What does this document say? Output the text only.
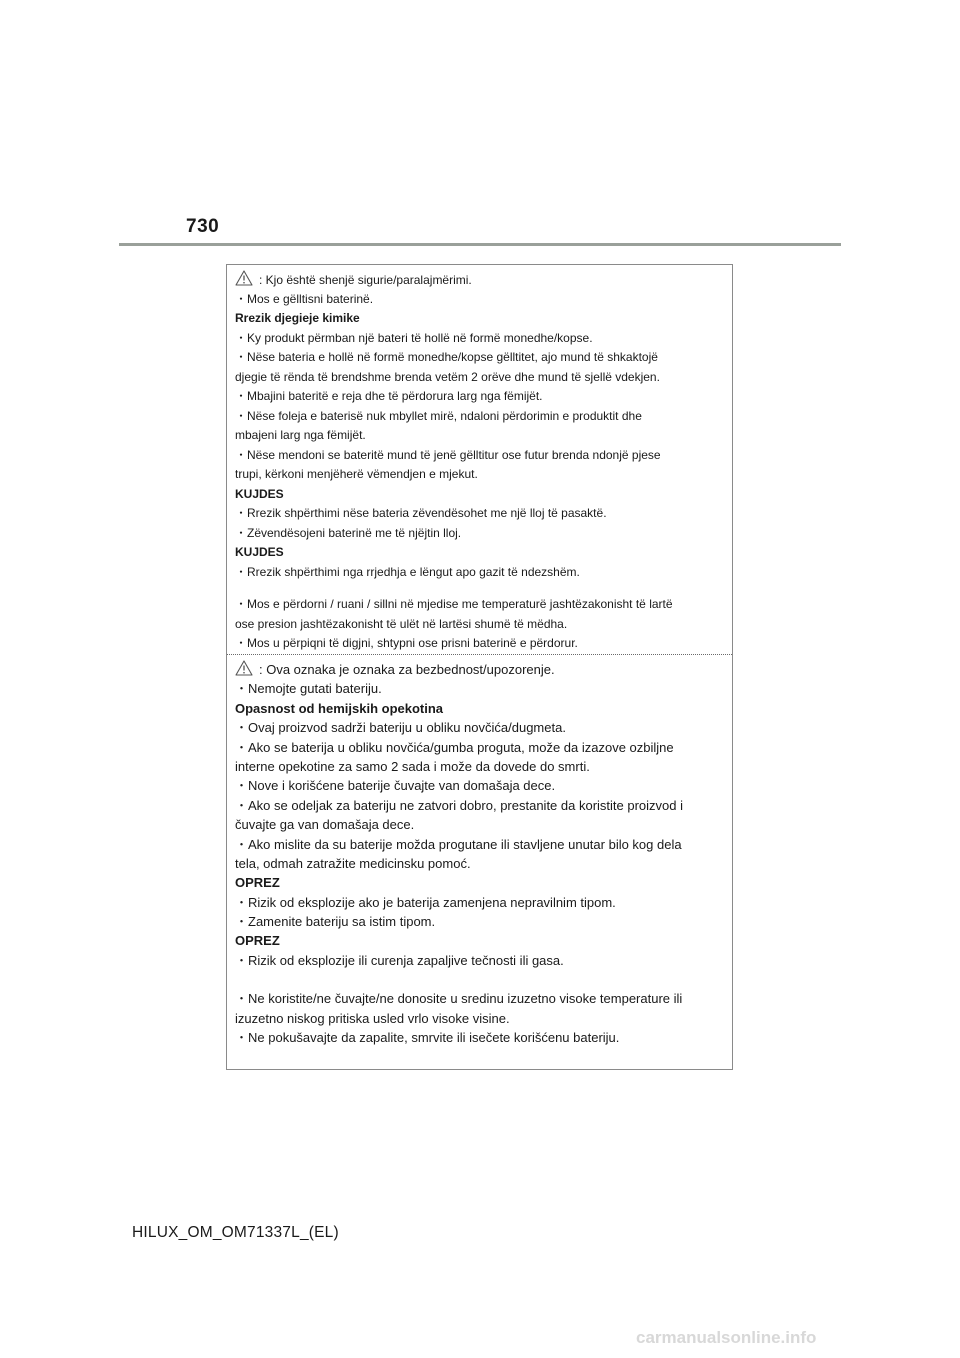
730
: Kjo është shenjë sigurie/paralajmërimi.
・Mos e gëlltisni baterinë.
Rrezik djegieje kimike
・Ky produkt përmban një bateri të hollë në formë monedhe/kopse.
・Nëse bateria e hollë në formë monedhe/kopse gëlltitet, ajo mund të shkaktojë
djegie të rënda të brendshme brenda vetëm 2 orëve dhe mund të sjellë vdekjen.
・Mbajini bateritë e reja dhe të përdorura larg nga fëmijët.
・Nëse foleja e baterisë nuk mbyllet mirë, ndaloni përdorimin e produktit dhe
mbajeni larg nga fëmijët.
・Nëse mendoni se bateritë mund të jenë gëlltitur ose futur brenda ndonjë pjese
trupi, kërkoni menjëherë vëmendjen e mjekut.
KUJDES
・Rrezik shpërthimi nëse bateria zëvendësohet me një lloj të pasaktë.
・Zëvendësojeni baterinë me të njëjtin lloj.
KUJDES
・Rrezik shpërthimi nga rrjedhja e lëngut apo gazit të ndezshëm.
・Mos e përdorni / ruani / sillni në mjedise me temperaturë jashtëzakonisht të lartë
ose presion jashtëzakonisht të ulët në lartësi shumë të mëdha.
・Mos u përpiqni të digjni, shtypni ose prisni baterinë e përdorur.
: Ova oznaka je oznaka za bezbednost/upozorenje.
・Nemojte gutati bateriju.
Opasnost od hemijskih opekotina
・Ovaj proizvod sadrži bateriju u obliku novčića/dugmeta.
・Ako se baterija u obliku novčića/gumba proguta, može da izazove ozbiljne
interne opekotine za samo 2 sada i može da dovede do smrti.
・Nove i korišćene baterije čuvajte van domašaja dece.
・Ako se odeljak za bateriju ne zatvori dobro, prestanite da koristite proizvod i
čuvajte ga van domašaja dece.
・Ako mislite da su baterije možda progutane ili stavljene unutar bilo kog dela
tela, odmah zatražite medicinsku pomoć.
OPREZ
・Rizik od eksplozije ako je baterija zamenjena nepravilnim tipom.
・Zamenite bateriju sa istim tipom.
OPREZ
・Rizik od eksplozije ili curenja zapaljive tečnosti ili gasa.
・Ne koristite/ne čuvajte/ne donosite u sredinu izuzetno visoke temperature ili
izuzetno niskog pritiska usled vrlo visoke visine.
・Ne pokušavajte da zapalite, smrvite ili isečete korišćenu bateriju.
HILUX_OM_OM71337L_(EL)
carmanualsonline.info
